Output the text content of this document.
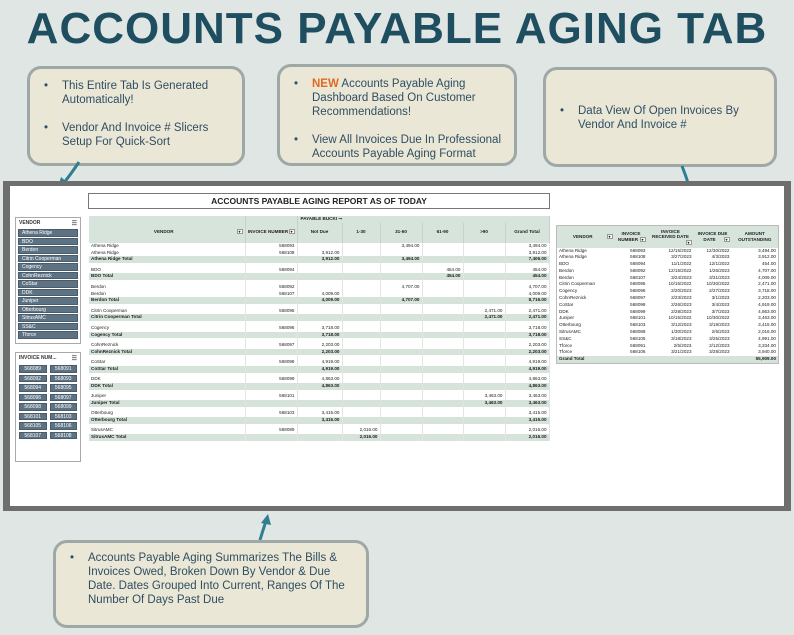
ACCOUNTS PAYABLE AGING TAB
• This Entire Tab Is Generated Automatically!
• Vendor And Invoice # Slicers Setup For Quick-Sort
• NEW Accounts Payable Aging Dashboard Based On Customer Recommendations!
• View All Invoices Due In Professional Accounts Payable Aging Format
• Data View Of Open Invoices By Vendor And Invoice #
VENDOR	☰
Athena Ridge
BDO
Berdon
Citrin Cooperman
Cogency
CohnReznick
CoStar
DDK
Juniper
Otterbourg
SitrusAMC
SS&C
Tforce
INVOICE NUM...	☰
568089	568091
568092	568093
568094	568095
568096	568097
568098	568099
568101	568103
568105	568106
568107	568108
ACCOUNTS PAYABLE AGING REPORT AS OF TODAY
		PAYABLE BUCKI ⊸					
VENDOR ▾	INVOICE NUMBER ▾	Not Due	1-30	31-60	61-90	>90	Grand Total
Athena Ridge	568093			3,494.00			3,494.00
Athena Ridge	568108	3,912.00					3,912.00
Athena Ridge Total		3,912.00		3,494.00			7,406.00

BDO	568094				454.00		454.00
BDO Total					454.00		454.00

Berdon	568092			4,707.00			4,707.00
Berdon	568107	4,009.00					4,009.00
Berdon Total		4,009.00		4,707.00			8,716.00

Citrin Cooperman	568095					2,471.00	2,471.00
Citrin Cooperman Total						2,471.00	2,471.00

Cogency	568096	3,718.00					3,718.00
Cogency Total		3,718.00					3,718.00

CohnReznick	568097	2,203.00					2,203.00
CohnReznick Total		2,203.00					2,203.00

CoStar	568098	4,919.00					4,919.00
CoStar Total		4,919.00					4,919.00

DDK	568099	4,863.00					4,863.00
DDK Total		4,863.00					4,863.00

Juniper	568101					3,463.00	3,463.00
Juniper Total						3,463.00	3,463.00

Otterbourg	568103	3,415.00					3,415.00
Otterbourg Total		3,415.00					3,415.00

SitrusAMC	568089		2,016.00				2,016.00
SitrusAMC Total			2,016.00				2,016.00
VENDOR ▾	INVOICE NUMBER ▾	INVOICE RECEIVED DATE
▾	INVOICE DUE DATE ▾	AMOUNT OUTSTANDING
Athena Ridge	568093	12/15/2022	12/30/2022	3,494.00
Athena Ridge	568108	3/27/2023	4/3/2023	3,912.00
BDO	568094	11/1/2022	12/1/2022	454.00
Berdon	568092	12/15/2022	1/25/2023	4,707.00
Berdon	568107	3/24/2023	3/31/2023	4,009.00
Citrin Cooperman	568095	10/15/2022	10/30/2022	2,471.00
Cogency	568096	2/20/2023	2/27/2023	3,718.00
CohnReznick	568097	2/23/2023	3/1/2023	2,203.00
CoStar	568098	2/26/2023	3/4/2023	4,919.00
DDK	568099	2/28/2023	3/7/2023	4,863.00
Juniper	568101	10/15/2022	10/30/2022	3,463.00
Otterbourg	568103	3/12/2023	3/19/2023	3,415.00
SitrusAMC	568089	1/30/2023	2/6/2023	2,016.00
SS&C	568105	3/18/2023	3/25/2023	4,991.00
Tforce	568091	2/5/2023	2/12/2023	3,334.00
Tforce	568106	3/21/2023	3/28/2023	3,940.00
Grand Total				55,909.00
• Accounts Payable Aging Summarizes The Bills & Invoices Owed, Broken Down By Vendor & Due Date. Dates Grouped Into Current, Ranges Of The Number Of Days Past Due
